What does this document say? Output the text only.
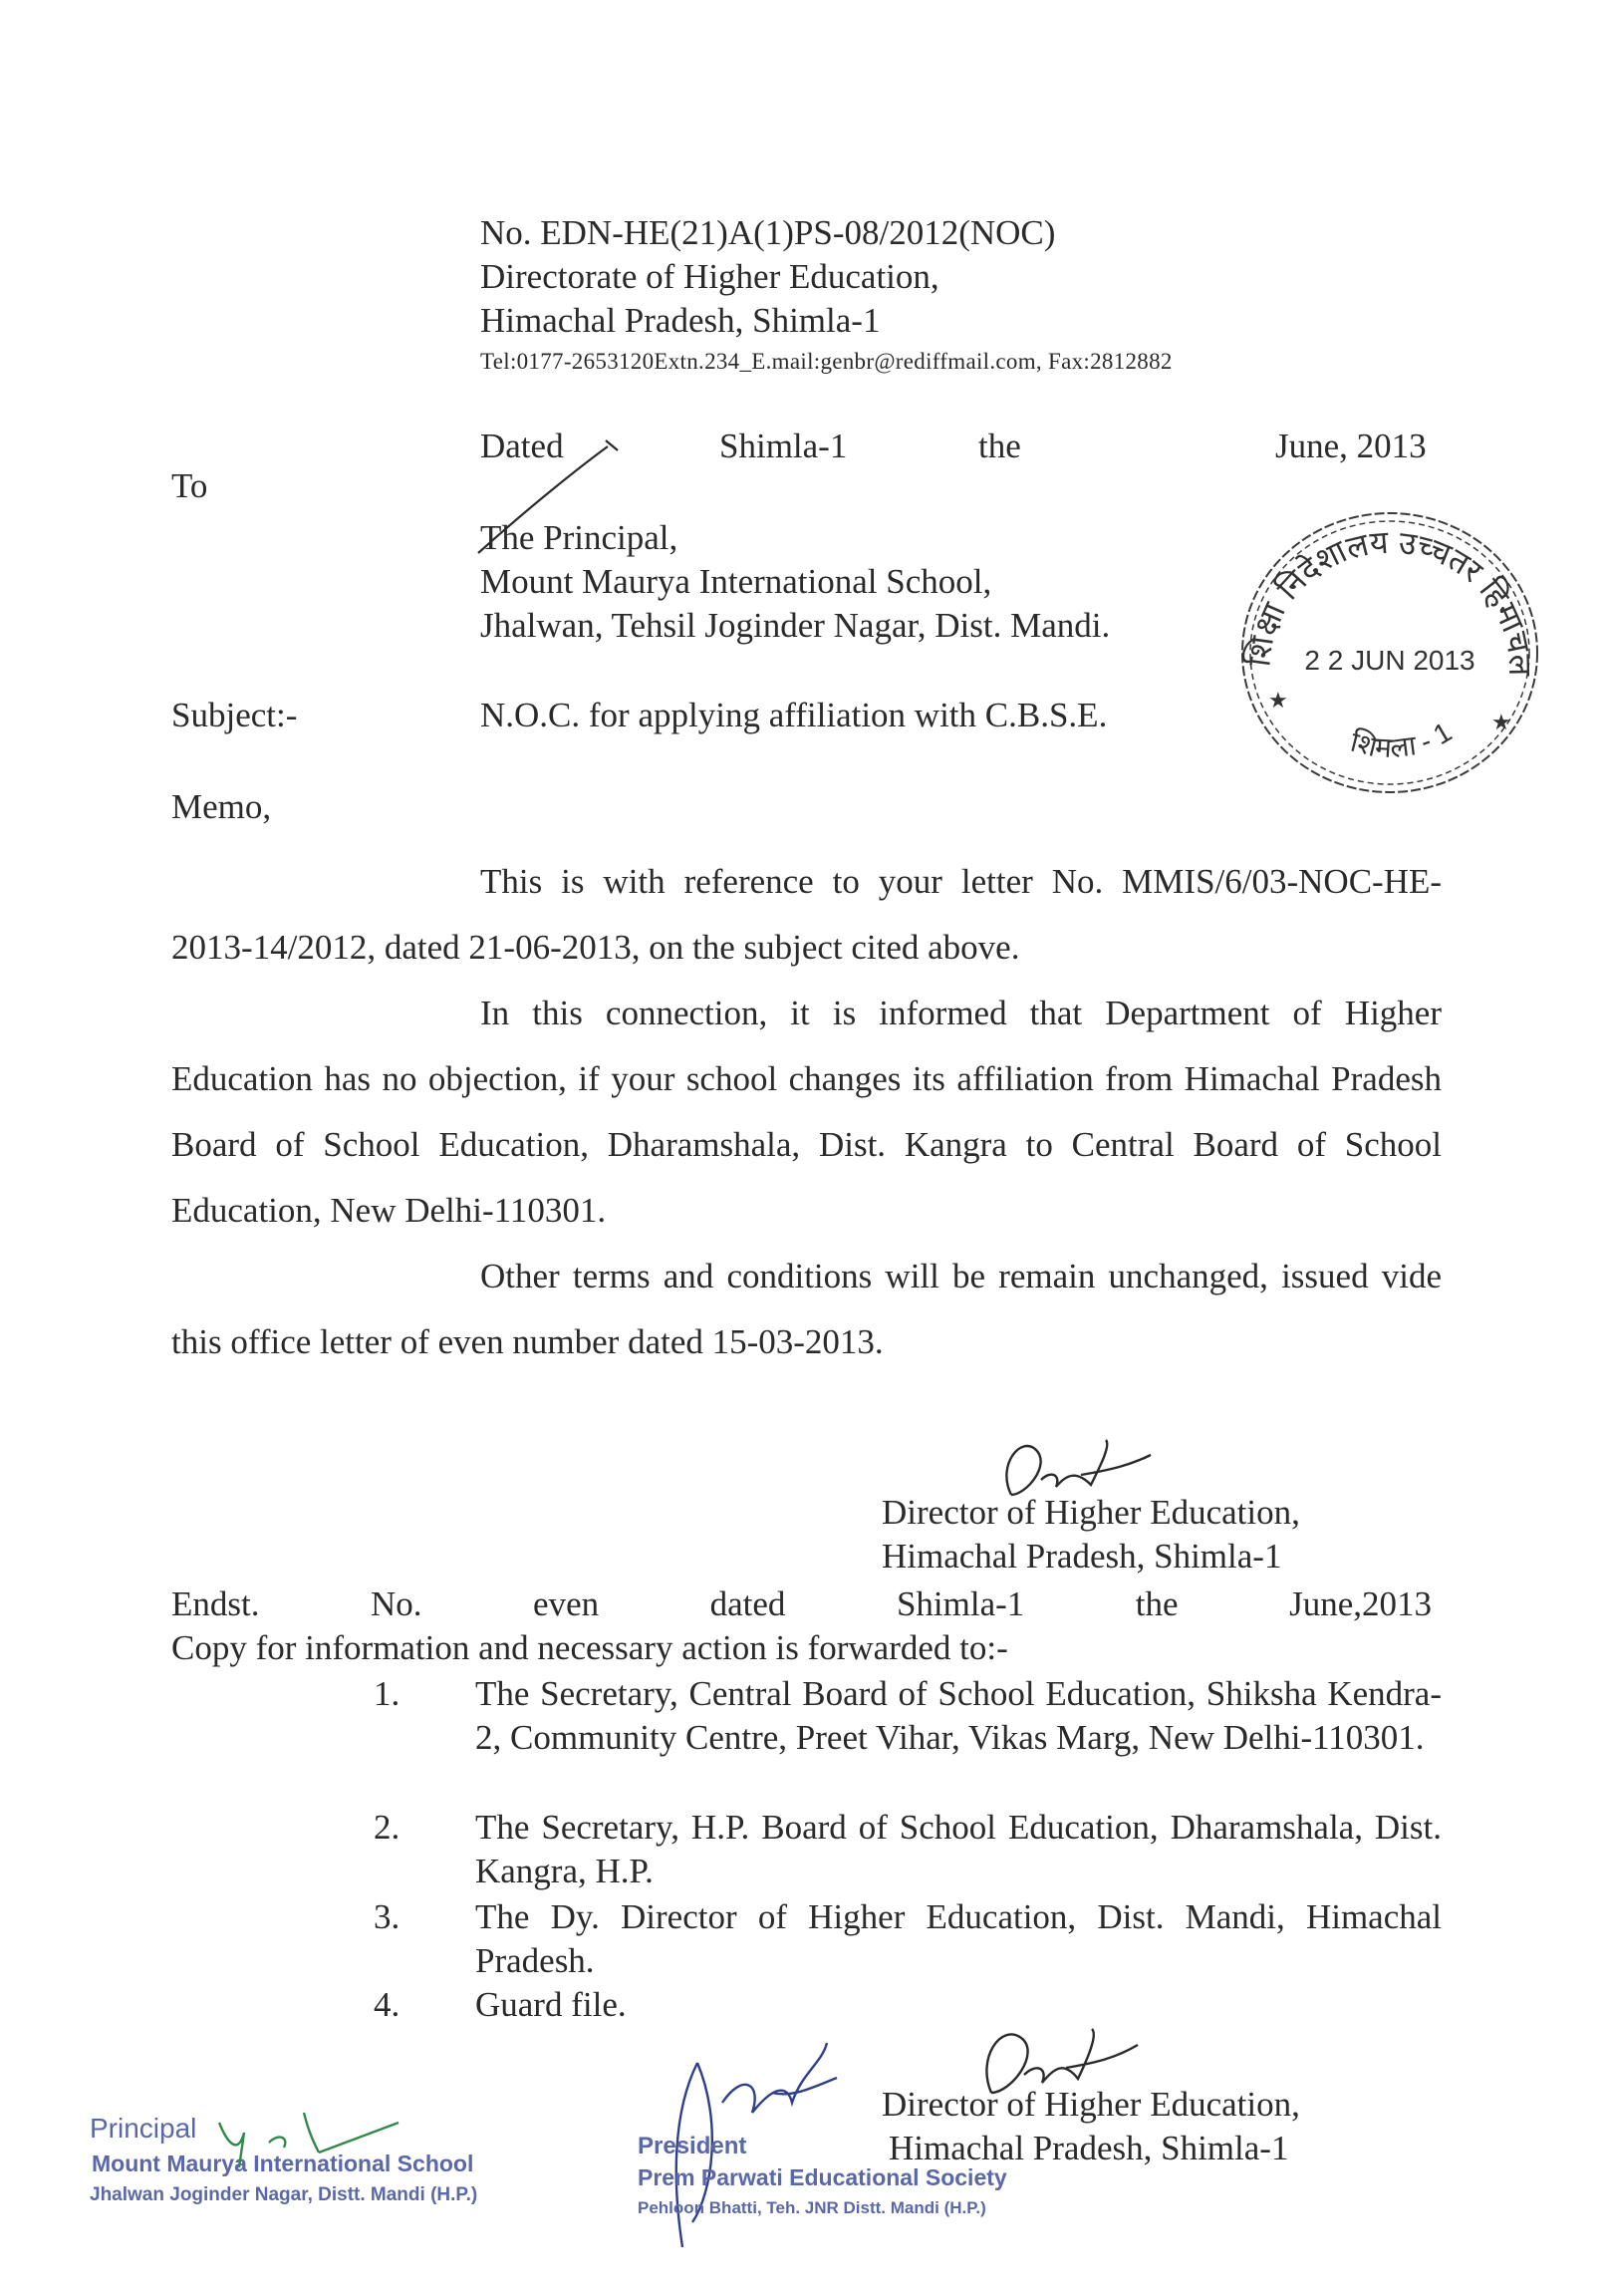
No. EDN-HE(21)A(1)PS-08/2012(NOC)
Directorate of Higher Education,
Himachal Pradesh, Shimla-1
Tel:0177-2653120Extn.234_E.mail:genbr@rediffmail.com, Fax:2812882
Dated	Shimla-1	the	June, 2013
To
The Principal,
Mount Maurya International School,
Jhalwan, Tehsil Joginder Nagar, Dist. Mandi.
Subject:-	N.O.C. for applying affiliation with C.B.S.E.
शिक्षा निदेशालय उच्चतर हिमाचल
2 2 JUN 2013
शिमला - 1
★
★
Memo,

This is with reference to your letter No. MMIS/6/03-NOC-HE-2013-14/2012, dated 21-06-2013, on the subject cited above.

In this connection, it is informed that Department of Higher Education has no objection, if your school changes its affiliation from Himachal Pradesh Board of School Education, Dharamshala, Dist. Kangra to Central Board of School Education, New Delhi-110301.

Other terms and conditions will be remain unchanged, issued vide this office letter of even number dated 15-03-2013.

Director of Higher Education,
Himachal Pradesh, Shimla-1
Endst.	No.	even	dated	Shimla-1	the	June,2013
Copy for information and necessary action is forwarded to:-
1. The Secretary, Central Board of School Education, Shiksha Kendra-2, Community Centre, Preet Vihar, Vikas Marg, New Delhi-110301.
2. The Secretary, H.P. Board of School Education, Dharamshala, Dist. Kangra, H.P.
3. The Dy. Director of Higher Education, Dist. Mandi, Himachal Pradesh.
4. Guard file.
Director of Higher Education,
Himachal Pradesh, Shimla-1
Principal
Mount Maurya International School
Jhalwan Joginder Nagar, Distt. Mandi (H.P.)
President
Prem Parwati Educational Society
Pehloon Bhatti, Teh. JNR Distt. Mandi (H.P.)
